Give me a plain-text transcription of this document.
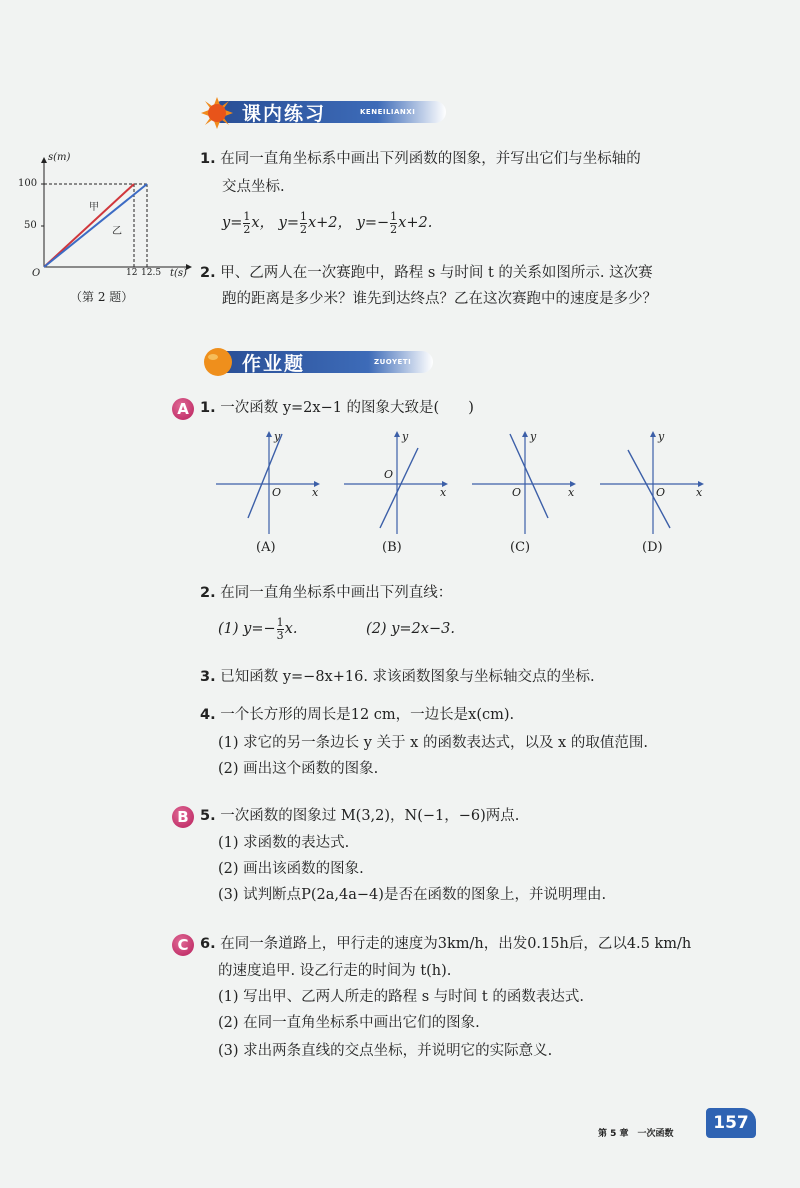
课内练习	KENEILIANXI
s(m)
100
50
O	12 12.5 t(s)
甲
乙
（第 2 题）
1. 在同一直角坐标系中画出下列函数的图象，并写出它们与坐标轴的
交点坐标.
$y= \frac{1}{2}$ x， $y= \frac{1}{2} x+2$， $y=- \frac{1}{2} x+2$.
2. 甲、乙两人在一次赛跑中，路程 s 与时间 t 的关系如图所示. 这次赛
跑的距离是多少米？谁先到达终点？乙在这次赛跑中的速度是多少？
作业题	ZUOYETI
A 1. 一次函数 y=2x−1 的图象大致是(　　)
y
x
O
(A)
y
x
O
(B)
y
x
O
(C)
y
x
O
(D)
2. 在同一直角坐标系中画出下列直线：
(1) $y=- \frac{1}{3} x$.	(2) y=2x−3.
3. 已知函数 y=−8x+16. 求该函数图象与坐标轴交点的坐标.
4. 一个长方形的周长是12 cm，一边长是x(cm).
(1) 求它的另一条边长 y 关于 x 的函数表达式，以及 x 的取值范围.
(2) 画出这个函数的图象.
B 5. 一次函数的图象过 M(3,2)，N(−1，−6)两点.
(1) 求函数的表达式.
(2) 画出该函数的图象.
(3) 试判断点P(2a,4a−4)是否在函数的图象上，并说明理由.
C 6. 在同一条道路上，甲行走的速度为3km/h，出发0.15h后，乙以4.5 km/h
的速度追甲. 设乙行走的时间为 t(h).
(1) 写出甲、乙两人所走的路程 s 与时间 t 的函数表达式.
(2) 在同一直角坐标系中画出它们的图象.
(3) 求出两条直线的交点坐标，并说明它的实际意义.
第 5 章　一次函数
157
